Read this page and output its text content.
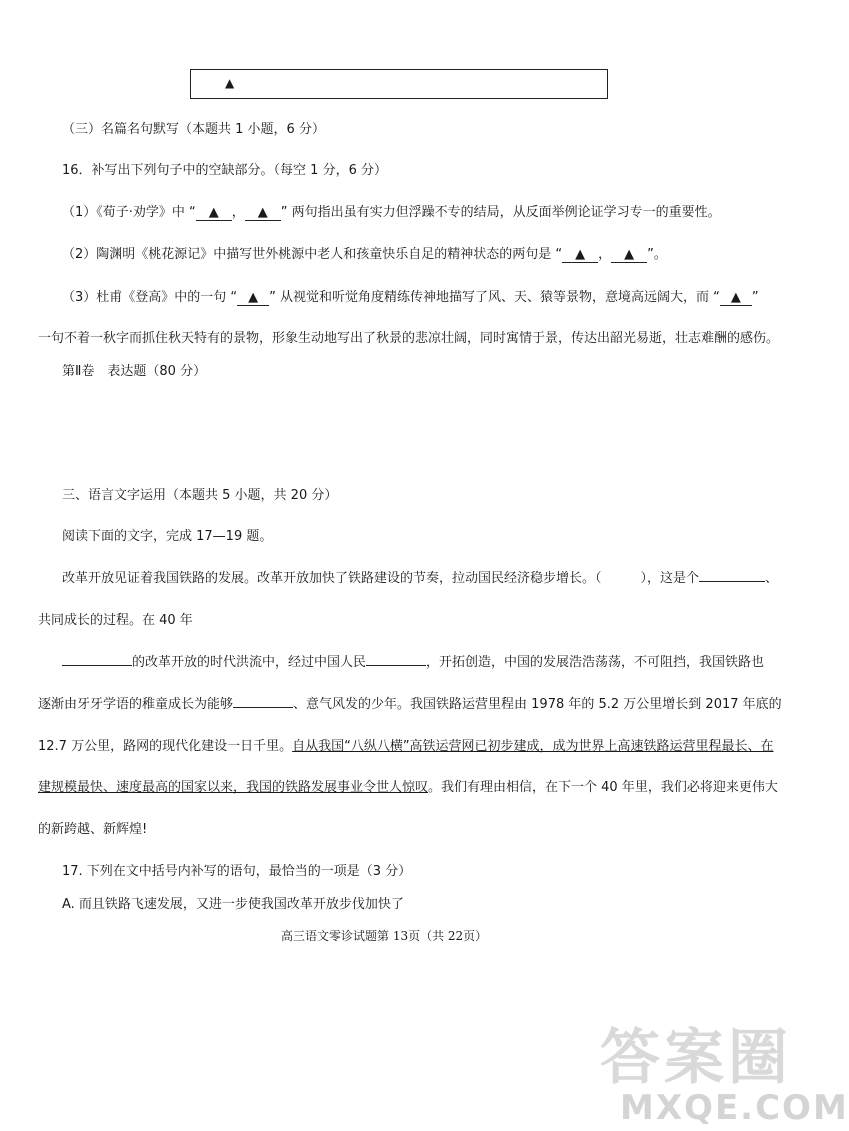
▲
（三）名篇名句默写（本题共 1 小题，6 分）
16．补写出下列句子中的空缺部分。（每空 1 分，6 分）
（1）《荀子·劝学》中 “ ▲ ， ▲ ” 两句指出虽有实力但浮躁不专的结局，从反面举例论证学习专一的重要性。
（2）陶渊明《桃花源记》中描写世外桃源中老人和孩童快乐自足的精神状态的两句是 “ ▲ ， ▲ ”。
（3）杜甫《登高》中的一句 “ ▲ ” 从视觉和听觉角度精练传神地描写了风、天、猿等景物，意境高远阔大，而 “ ▲ ”
一句不着一秋字而抓住秋天特有的景物，形象生动地写出了秋景的悲凉壮阔，同时寓情于景，传达出韶光易逝，壮志难酬的感伤。
第Ⅱ卷　表达题（80 分）
三、语言文字运用（本题共 5 小题，共 20 分）
阅读下面的文字，完成 17—19 题。
改革开放见证着我国铁路的发展。改革开放加快了铁路建设的节奏，拉动国民经济稳步增长。（　　　），这是个	、
共同成长的过程。在 40 年
的改革开放的时代洪流中，经过中国人民	，开拓创造，中国的发展浩浩荡荡，不可阻挡，我国铁路也
逐渐由牙牙学语的稚童成长为能够	、意气风发的少年。我国铁路运营里程由 1978 年的 5.2 万公里增长到 2017 年底的
12.7 万公里，路网的现代化建设一日千里。自从我国“八纵八横”高铁运营网已初步建成，成为世界上高速铁路运营里程最长、在
建规模最快、速度最高的国家以来，我国的铁路发展事业令世人惊叹。我们有理由相信，在下一个 40 年里，我们必将迎来更伟大
的新跨越、新辉煌!
17. 下列在文中括号内补写的语句，最恰当的一项是（3 分）
A. 而且铁路飞速发展，又进一步使我国改革开放步伐加快了
高三语文零诊试题第 13页（共 22页）
答案圈
MXQE.COM
